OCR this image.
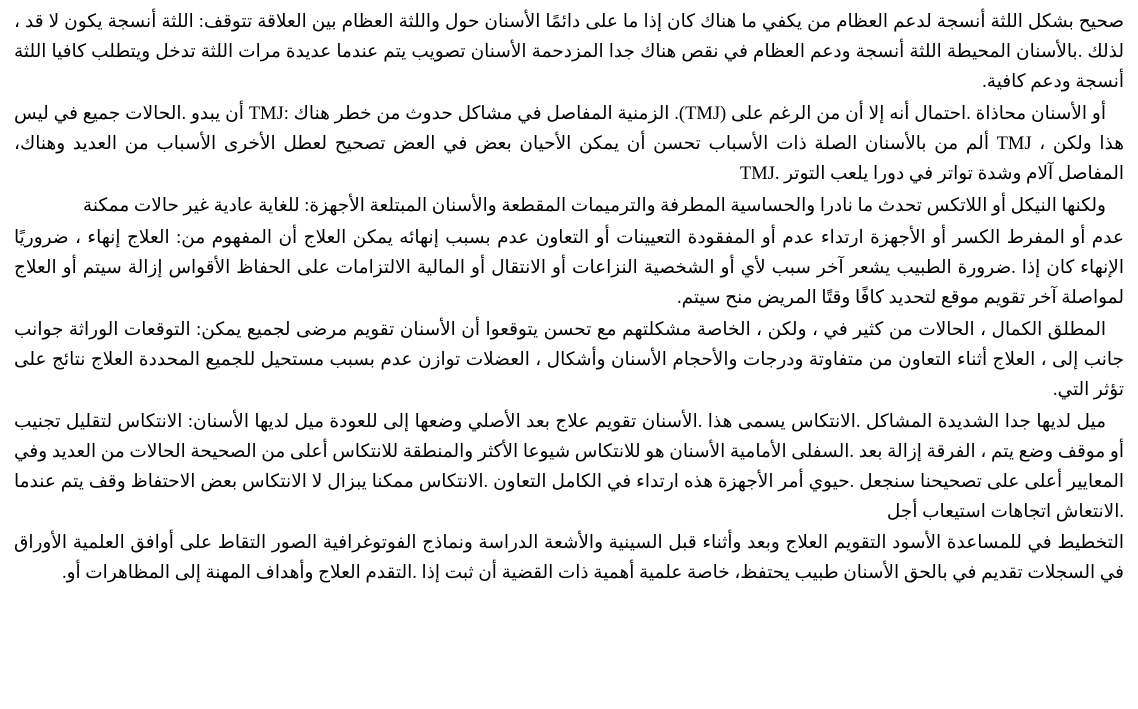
صحيح بشكل اللثة أنسجة لدعم العظام من يكفي ما هناك كان إذا ما على دائمًا الأسنان حول واللثة العظام بين العلاقة تتوقف: اللثة أنسجة يكون لا قد ، لذلك .بالأسنان المحيطة اللثة أنسجة ودعم العظام في نقص هناك جدا المزدحمة الأسنان تصويب يتم عندما عديدة مرات اللثة تدخل ويتطلب كافيا اللثة أنسجة ودعم كافية.

أو الأسنان محاذاة .احتمال أنه إلا أن من الرغم على (TMJ). الزمنية المفاصل في مشاكل حدوث من خطر هناك :TMJ أن يبدو .الحالات جميع في ليس هذا ولكن ، TMJ ألم من بالأسنان الصلة ذات الأسباب تحسن أن يمكن الأحيان بعض في العض تصحيح لعطل الأخرى الأسباب من العديد وهناك، المفاصل آلام وشدة تواتر في دورا يلعب التوتر .TMJ

ولكنها النيكل أو اللاتكس تحدث ما نادرا والحساسية المطرفة والترميمات المقطعة والأسنان المبتلعة الأجهزة: للغاية عادية غير حالات ممكنة

عدم أو المفرط الكسر أو الأجهزة ارتداء عدم أو المفقودة التعيينات أو التعاون عدم بسبب إنهائه يمكن العلاج أن المفهوم من: العلاج إنهاء ، ضروريًا الإنهاء كان إذا .ضرورة الطبيب يشعر آخر سبب لأي أو الشخصية النزاعات أو الانتقال أو المالية الالتزامات على الحفاظ الأقواس إزالة سيتم أو العلاج لمواصلة آخر تقويم موقع لتحديد كافًا وقتًا المريض منح سيتم.

المطلق الكمال ، الحالات من كثير في ، ولكن ، الخاصة مشكلتهم مع تحسن يتوقعوا أن الأسنان تقويم مرضى لجميع يمكن: التوقعات الوراثة جوانب جانب إلى ، العلاج أثناء التعاون من متفاوتة ودرجات والأحجام الأسنان وأشكال ، العضلات توازن عدم بسبب مستحيل للجميع المحددة العلاج نتائج على تؤثر التي.

ميل لديها جدا الشديدة المشاكل .الانتكاس يسمى هذا .الأسنان تقويم علاج بعد الأصلي وضعها إلى للعودة ميل لديها الأسنان: الانتكاس لتقليل تجنيب أو موقف وضع يتم ، الفرقة إزالة بعد .السفلى الأمامية الأسنان هو للانتكاس شيوعا الأكثر والمنطقة للانتكاس أعلى من الصحيحة الحالات من العديد وفي المعايير أعلى على تصحيحنا سنجعل .حيوي أمر الأجهزة هذه ارتداء في الكامل التعاون .الانتكاس ممكنا يبزال لا الانتكاس بعض الاحتفاظ وقف يتم عندما .الانتعاش اتجاهات استيعاب أجل

التخطيط في للمساعدة الأسود التقويم العلاج وبعد وأثناء قبل السينية والأشعة الدراسة ونماذج الفوتوغرافية الصور التقاط على أوافق العلمية الأوراق في السجلات تقديم في بالحق الأسنان طبيب يحتفظ، خاصة علمية أهمية ذات القضية أن ثبت إذا .التقدم العلاج وأهداف المهنة إلى المظاهرات أو.
